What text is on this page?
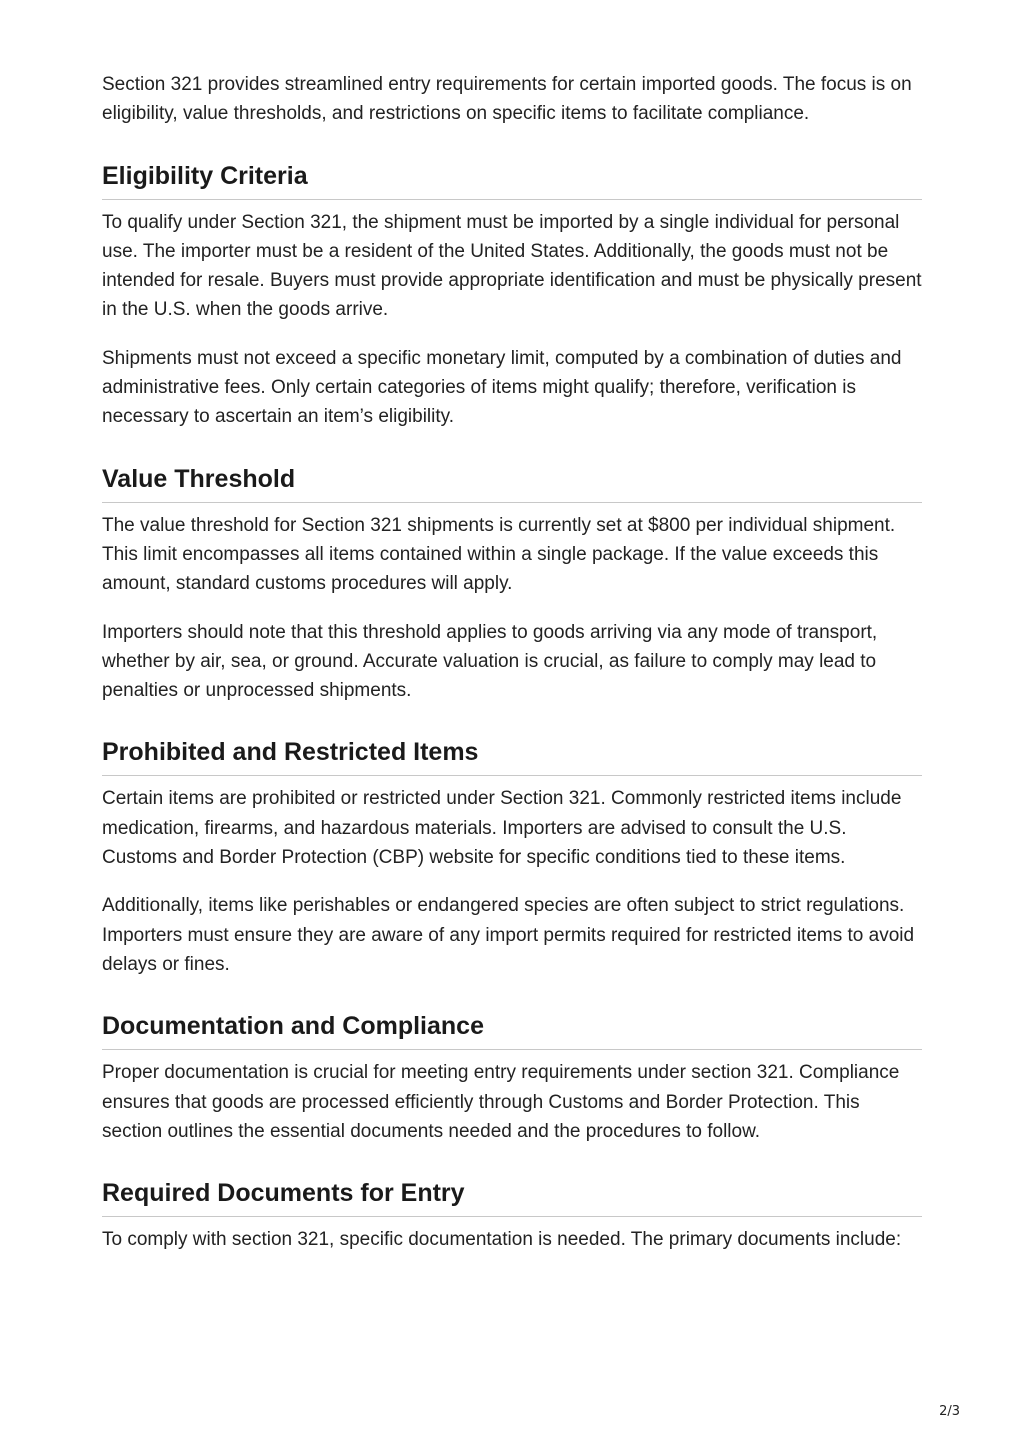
Section 321 provides streamlined entry requirements for certain imported goods. The focus is on eligibility, value thresholds, and restrictions on specific items to facilitate compliance.

Eligibility Criteria

To qualify under Section 321, the shipment must be imported by a single individual for personal use. The importer must be a resident of the United States. Additionally, the goods must not be intended for resale. Buyers must provide appropriate identification and must be physically present in the U.S. when the goods arrive.

Shipments must not exceed a specific monetary limit, computed by a combination of duties and administrative fees. Only certain categories of items might qualify; therefore, verification is necessary to ascertain an item’s eligibility.

Value Threshold

The value threshold for Section 321 shipments is currently set at $800 per individual shipment. This limit encompasses all items contained within a single package. If the value exceeds this amount, standard customs procedures will apply.

Importers should note that this threshold applies to goods arriving via any mode of transport, whether by air, sea, or ground. Accurate valuation is crucial, as failure to comply may lead to penalties or unprocessed shipments.

Prohibited and Restricted Items

Certain items are prohibited or restricted under Section 321. Commonly restricted items include medication, firearms, and hazardous materials. Importers are advised to consult the U.S. Customs and Border Protection (CBP) website for specific conditions tied to these items.

Additionally, items like perishables or endangered species are often subject to strict regulations. Importers must ensure they are aware of any import permits required for restricted items to avoid delays or fines.

Documentation and Compliance

Proper documentation is crucial for meeting entry requirements under section 321. Compliance ensures that goods are processed efficiently through Customs and Border Protection. This section outlines the essential documents needed and the procedures to follow.

Required Documents for Entry

To comply with section 321, specific documentation is needed. The primary documents include:

2/3
